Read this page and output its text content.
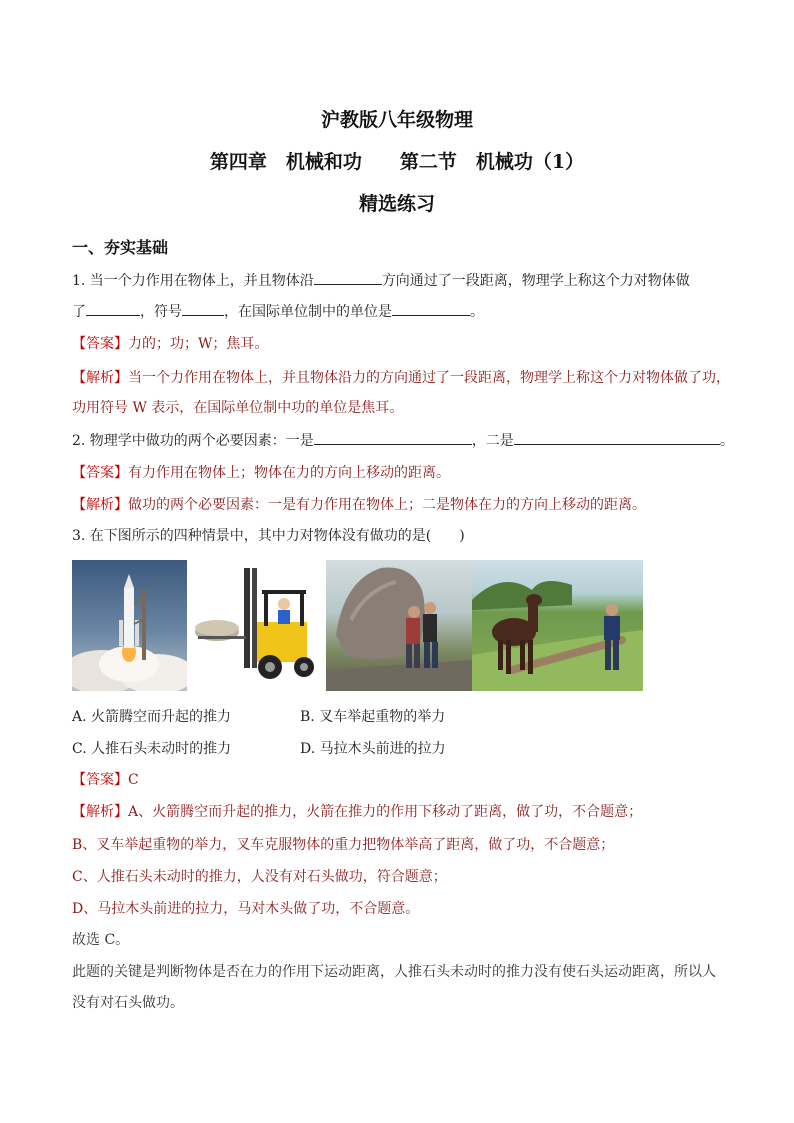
沪教版八年级物理
第四章　机械和功　　第二节　机械功（1）
精选练习
一、夯实基础
1. 当一个力作用在物体上，并且物体沿	方向通过了一段距离，物理学上称这个力对物体做
了	，符号	，在国际单位制中的单位是	。
【答案】力的；功；W；焦耳。
【解析】当一个力作用在物体上，并且物体沿力的方向通过了一段距离，物理学上称这个力对物体做了功，
功用符号 W 表示，在国际单位制中功的单位是焦耳。
2. 物理学中做功的两个必要因素：一是	，二是	。
【答案】有力作用在物体上；物体在力的方向上移动的距离。
【解析】做功的两个必要因素：一是有力作用在物体上；二是物体在力的方向上移动的距离。
3. 在下图所示的四种情景中，其中力对物体没有做功的是(　　)
A. 火箭腾空而升起的推力	B. 叉车举起重物的举力
C. 人推石头未动时的推力	D. 马拉木头前进的拉力
【答案】C
【解析】A、火箭腾空而升起的推力，火箭在推力的作用下移动了距离，做了功，不合题意；
B、叉车举起重物的举力，叉车克服物体的重力把物体举高了距离，做了功，不合题意；
C、人推石头未动时的推力，人没有对石头做功，符合题意；
D、马拉木头前进的拉力，马对木头做了功，不合题意。
故选 C。
此题的关键是判断物体是否在力的作用下运动距离，人推石头未动时的推力没有使石头运动距离，所以人
没有对石头做功。
